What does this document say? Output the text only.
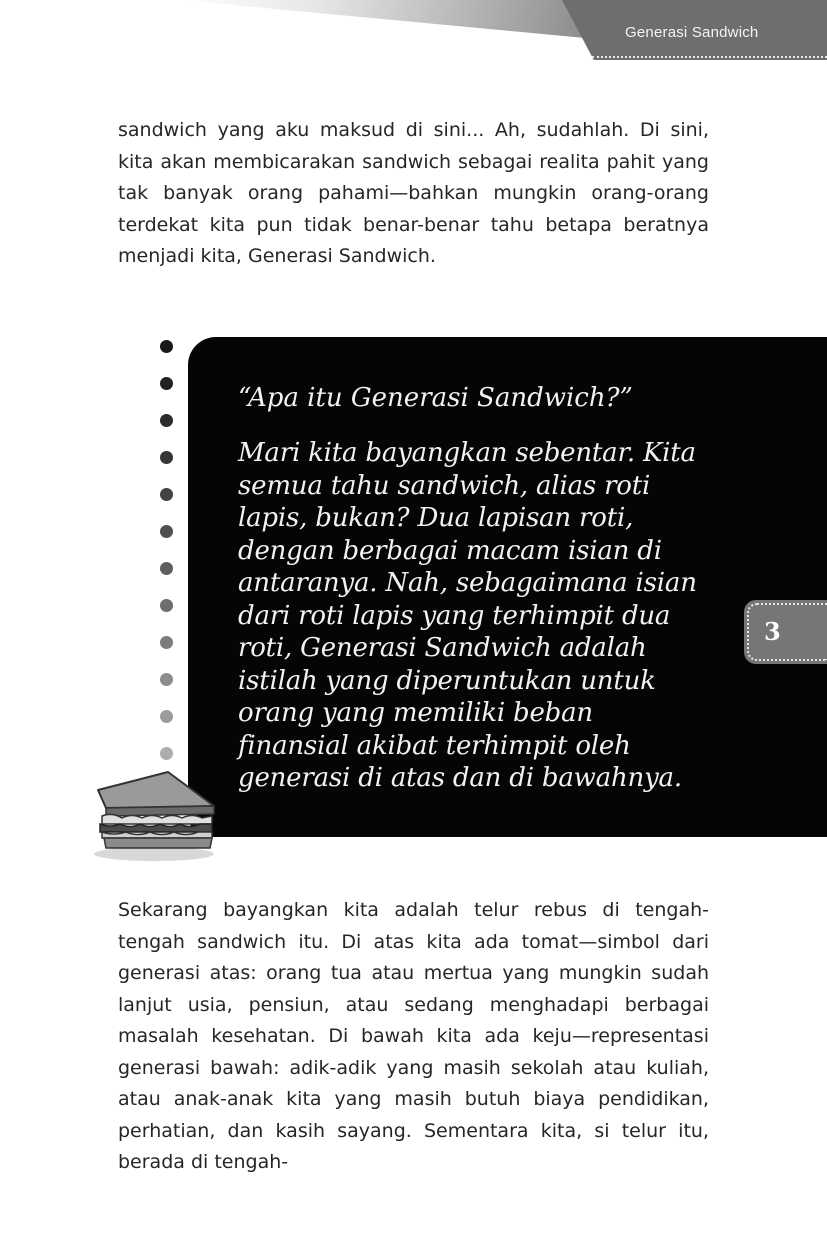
Generasi Sandwich

sandwich yang aku maksud di sini... Ah, sudahlah. Di sini, kita akan membicarakan sandwich sebagai realita pahit yang tak banyak orang pahami—bahkan mungkin orang-orang terdekat kita pun tidak benar-benar tahu betapa beratnya menjadi kita, Generasi Sandwich.

“Apa itu Generasi Sandwich?”

Mari kita bayangkan sebentar. Kita semua tahu sandwich, alias roti lapis, bukan? Dua lapisan roti, dengan berbagai macam isian di antaranya. Nah, sebagaimana isian dari roti lapis yang terhimpit dua roti, Generasi Sandwich adalah istilah yang diperuntukan untuk orang yang memiliki beban finansial akibat terhimpit oleh generasi di atas dan di bawahnya.

3

Sekarang bayangkan kita adalah telur rebus di tengah-tengah sandwich itu. Di atas kita ada tomat—simbol dari generasi atas: orang tua atau mertua yang mungkin sudah lanjut usia, pensiun, atau sedang menghadapi berbagai masalah kesehatan. Di bawah kita ada keju—representasi generasi bawah: adik-adik yang masih sekolah atau kuliah, atau anak-anak kita yang masih butuh biaya pendidikan, perhatian, dan kasih sayang. Sementara kita, si telur itu, berada di tengah-
